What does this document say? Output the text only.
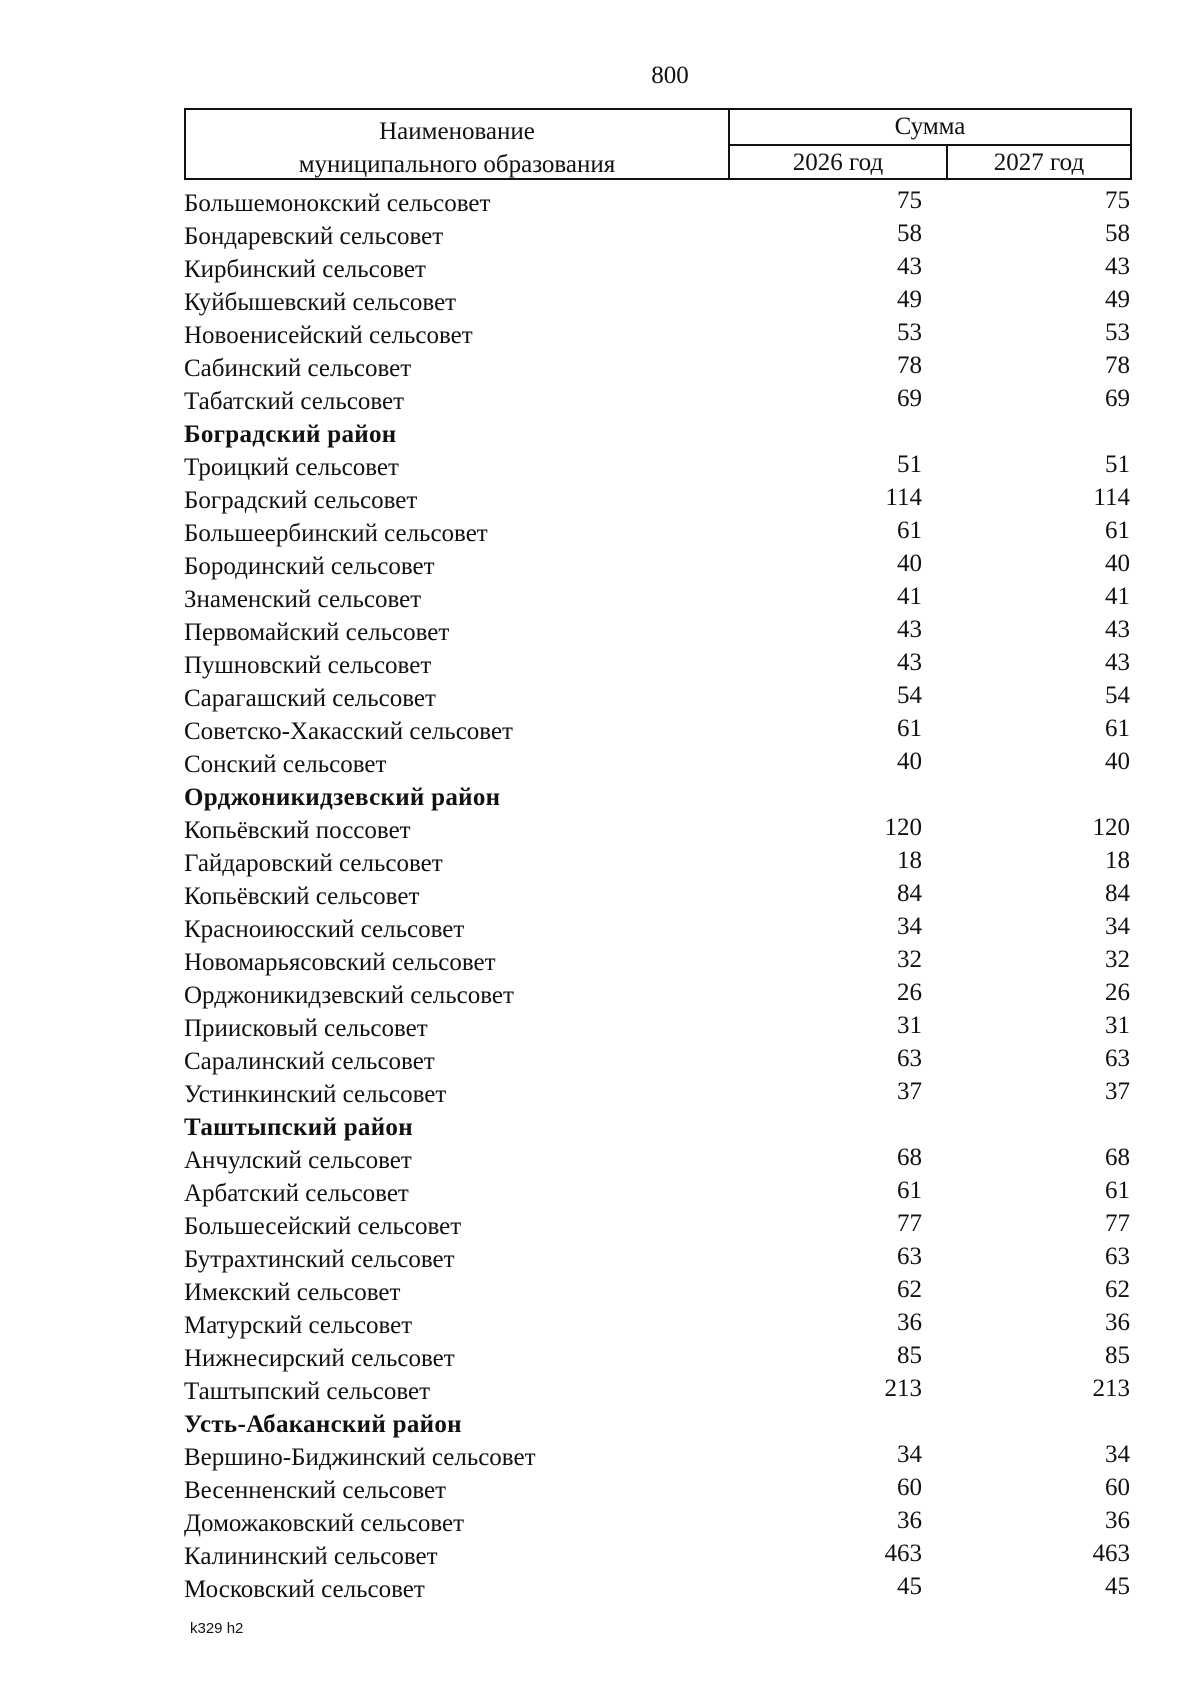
800
Наименование
муниципального образования
Сумма
2026 год	2027 год
Большемонокский сельсовет	75	75
Бондаревский сельсовет	58	58
Кирбинский сельсовет	43	43
Куйбышевский сельсовет	49	49
Новоенисейский сельсовет	53	53
Сабинский сельсовет	78	78
Табатский сельсовет	69	69
Боградский район
Троицкий сельсовет	51	51
Боградский сельсовет	114	114
Большеербинский сельсовет	61	61
Бородинский сельсовет	40	40
Знаменский сельсовет	41	41
Первомайский сельсовет	43	43
Пушновский сельсовет	43	43
Сарагашский сельсовет	54	54
Советско-Хакасский сельсовет	61	61
Сонский сельсовет	40	40
Орджоникидзевский район
Копьёвский поссовет	120	120
Гайдаровский сельсовет	18	18
Копьёвский сельсовет	84	84
Красноиюсский сельсовет	34	34
Новомарьясовский сельсовет	32	32
Орджоникидзевский сельсовет	26	26
Приисковый сельсовет	31	31
Саралинский сельсовет	63	63
Устинкинский сельсовет	37	37
Таштыпский район
Анчулский сельсовет	68	68
Арбатский сельсовет	61	61
Большесейский сельсовет	77	77
Бутрахтинский сельсовет	63	63
Имекский сельсовет	62	62
Матурский сельсовет	36	36
Нижнесирский сельсовет	85	85
Таштыпский сельсовет	213	213
Усть-Абаканский район
Вершино-Биджинский сельсовет	34	34
Весенненский сельсовет	60	60
Доможаковский сельсовет	36	36
Калининский сельсовет	463	463
Московский сельсовет	45	45
k329 h2
